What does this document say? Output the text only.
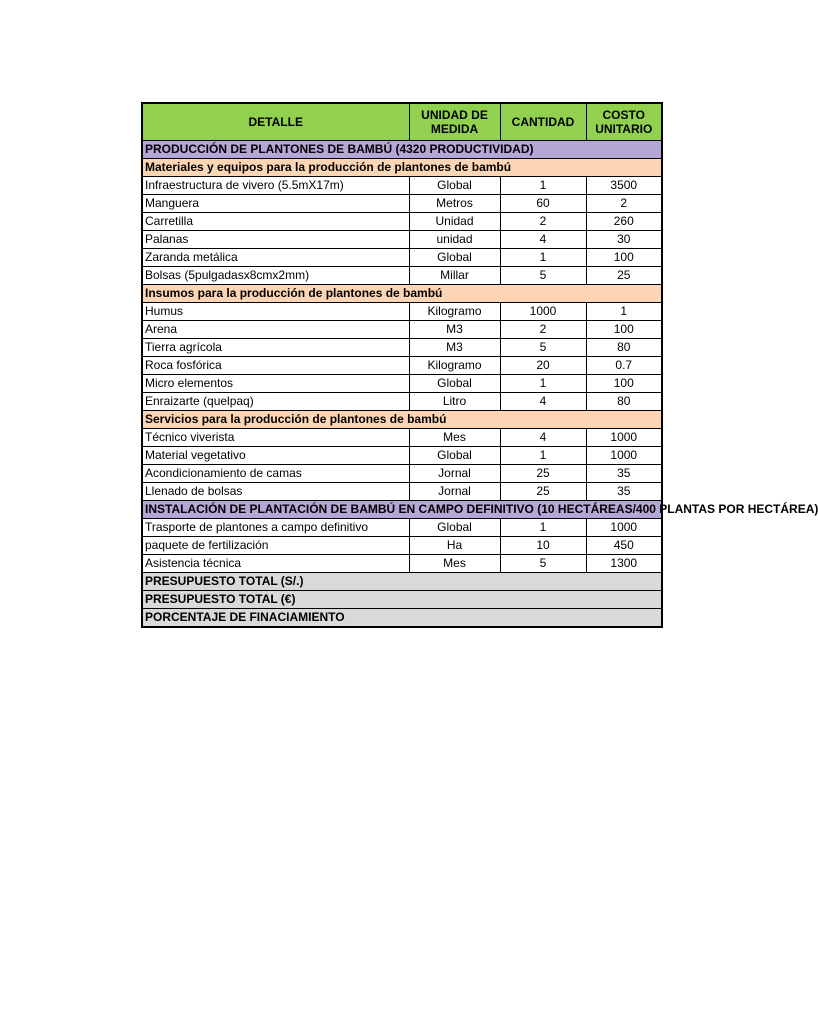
DETALLE	UNIDAD DE MEDIDA	CANTIDAD	COSTO UNITARIO
PRODUCCIÓN DE PLANTONES DE BAMBÚ (4320 PRODUCTIVIDAD)			
Materiales y equipos para la producción de plantones de bambú			
Infraestructura de vivero (5.5mX17m)	Global	1	3500
Manguera	Metros	60	2
Carretilla	Unidad	2	260
Palanas	unidad	4	30
Zaranda metálica	Global	1	100
Bolsas (5pulgadasx8cmx2mm)	Millar	5	25
Insumos para la producción de plantones de bambú			
Humus	Kilogramo	1000	1
Arena	M3	2	100
Tierra agrícola	M3	5	80
Roca fosfórica	Kilogramo	20	0.7
Micro elementos	Global	1	100
Enraizarte (quelpaq)	Litro	4	80
Servicios para la producción de plantones de bambú			
Técnico viverista	Mes	4	1000
Material vegetativo	Global	1	1000
Acondicionamiento de camas	Jornal	25	35
Llenado de bolsas	Jornal	25	35
INSTALACIÓN DE PLANTACIÓN DE BAMBÚ EN CAMPO DEFINITIVO (10 HECTÁREAS/400 PLANTAS POR HECTÁREA)			
Trasporte de plantones a campo definitivo	Global	1	1000
paquete de fertilización	Ha	10	450
Asistencia técnica	Mes	5	1300
PRESUPUESTO TOTAL (S/.)			
PRESUPUESTO TOTAL (€)			
PORCENTAJE DE FINACIAMIENTO			
